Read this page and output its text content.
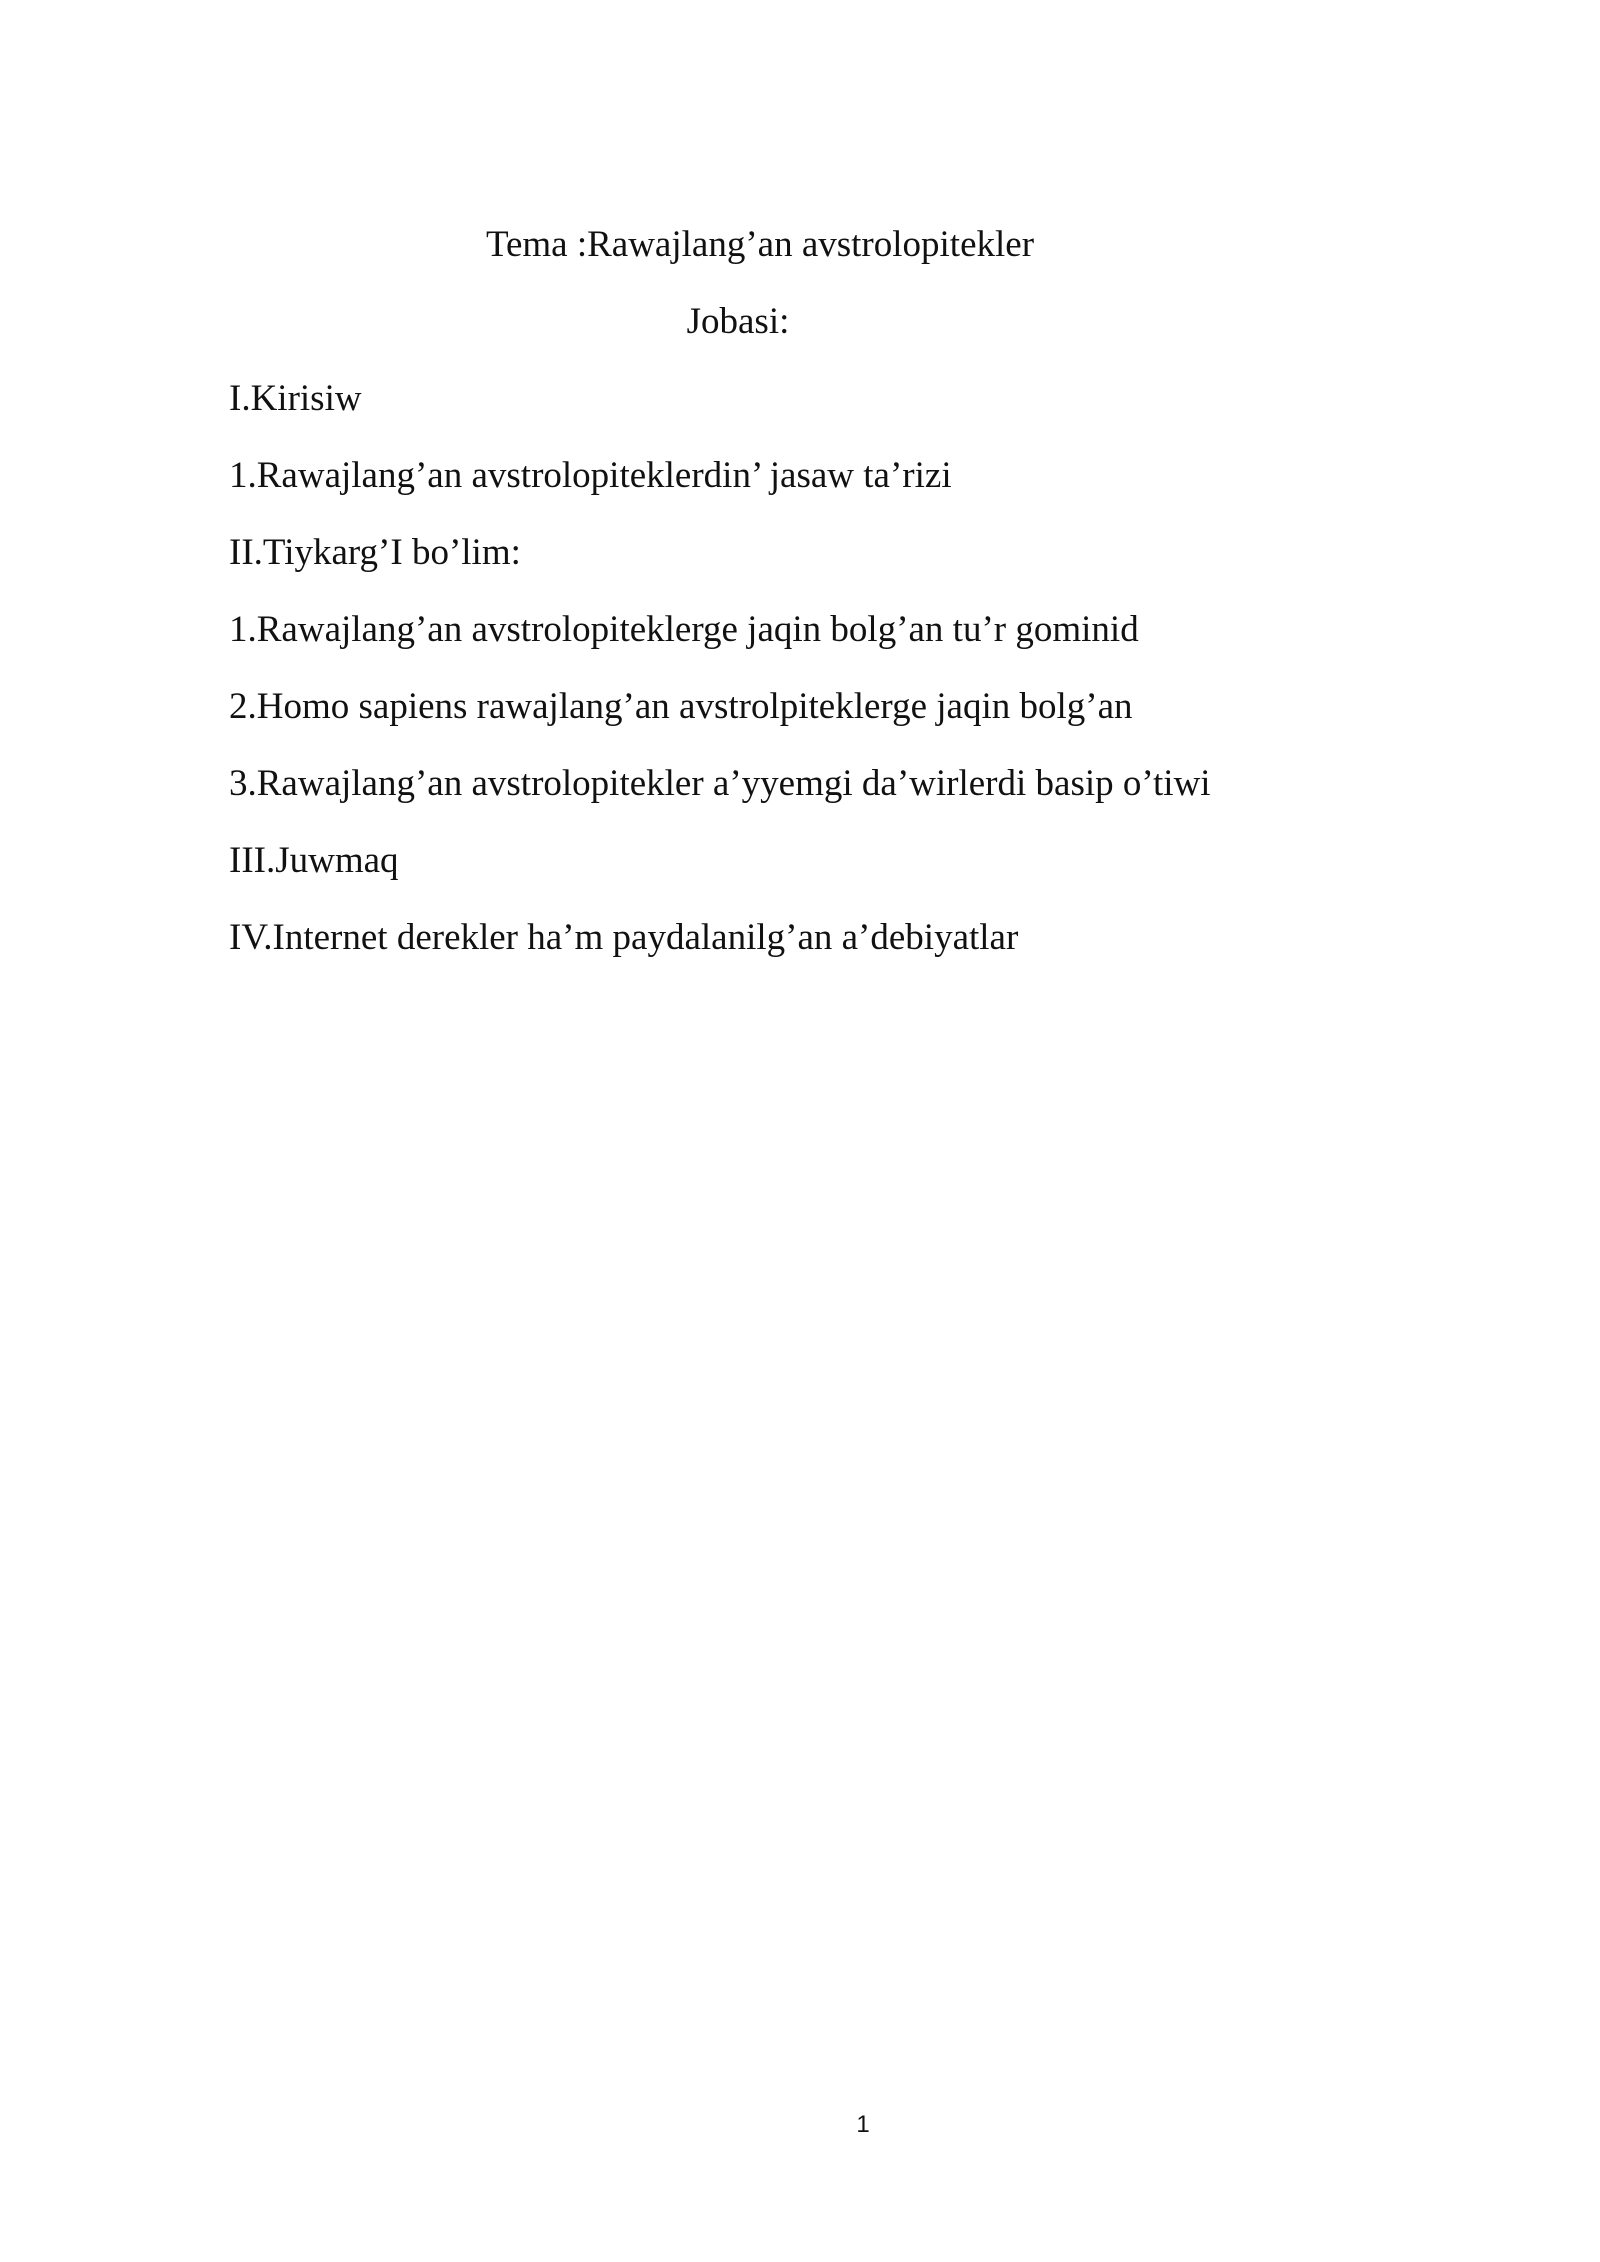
Tema :Rawajlang’an avstrolopitekler
Jobasi:
I.Kirisiw
1.Rawajlang’an avstrolopiteklerdin’ jasaw ta’rizi
II.Tiykarg’I bo’lim:
1.Rawajlang’an avstrolopiteklerge jaqin bolg’an tu’r gominid
2.Homo sapiens rawajlang’an avstrolpiteklerge jaqin bolg’an
3.Rawajlang’an avstrolopitekler a’yyemgi da’wirlerdi basip o’tiwi
III.Juwmaq
IV.Internet derekler ha’m paydalanilg’an a’debiyatlar
1
